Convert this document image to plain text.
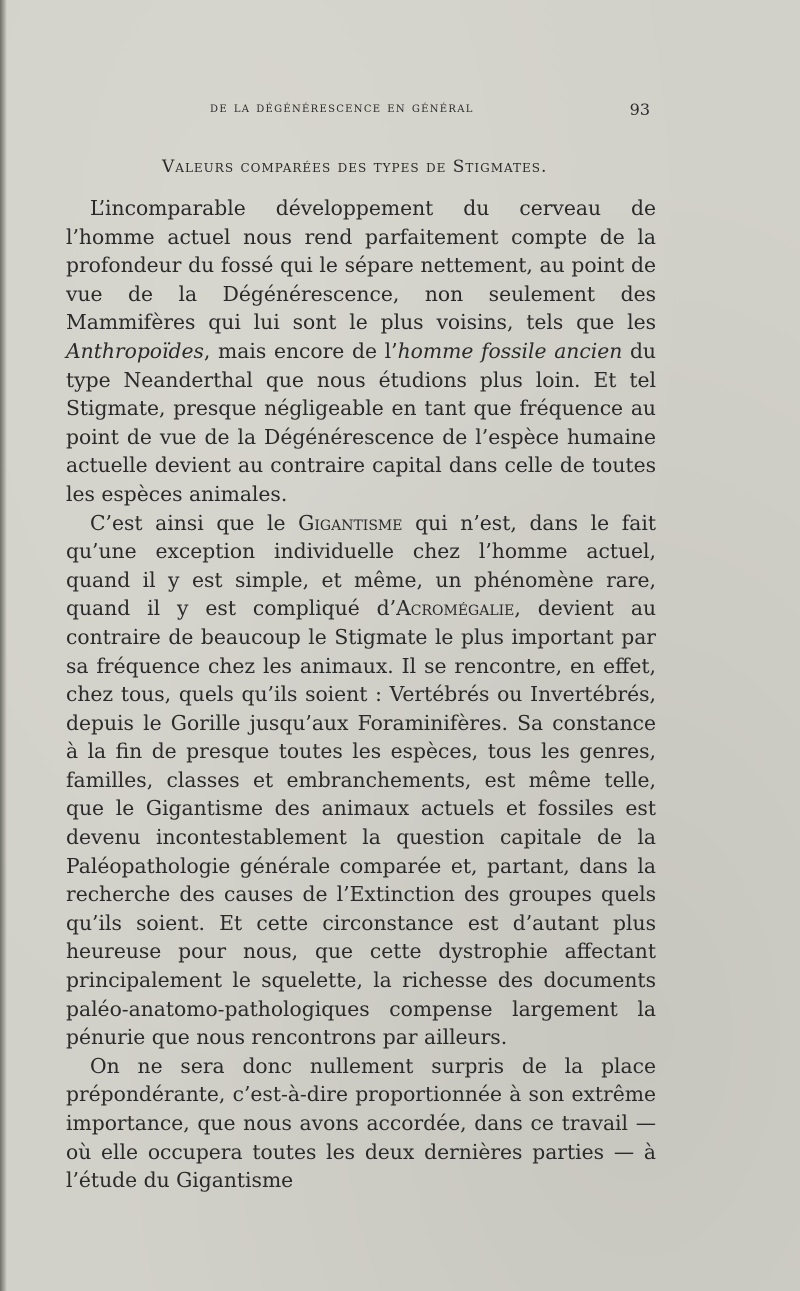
de la dégénérescence en général	93
Valeurs comparées des types de Stigmates.

L’incomparable développement du cerveau de l’homme actuel nous rend parfaitement compte de la profondeur du fossé qui le sépare nettement, au point de vue de la Dégénérescence, non seulement des Mammifères qui lui sont le plus voisins, tels que les Anthropoïdes, mais encore de l’homme fossile ancien du type Neanderthal que nous étudions plus loin. Et tel Stigmate, presque négligeable en tant que fréquence au point de vue de la Dégénérescence de l’espèce humaine actuelle devient au contraire capital dans celle de toutes les espèces animales.

C’est ainsi que le Gigantisme qui n’est, dans le fait qu’une exception individuelle chez l’homme actuel, quand il y est simple, et même, un phénomène rare, quand il y est compliqué d’Acromégalie, devient au contraire de beaucoup le Stigmate le plus important par sa fréquence chez les animaux. Il se rencontre, en effet, chez tous, quels qu’ils soient : Vertébrés ou Invertébrés, depuis le Gorille jusqu’aux Foraminifères. Sa constance à la fin de presque toutes les espèces, tous les genres, familles, classes et embranchements, est même telle, que le Gigantisme des animaux actuels et fossiles est devenu incontestablement la question capitale de la Paléopathologie générale comparée et, partant, dans la recherche des causes de l’Extinction des groupes quels qu’ils soient. Et cette circonstance est d’autant plus heureuse pour nous, que cette dystrophie affectant principalement le squelette, la richesse des documents paléo-anatomo-pathologiques compense largement la pénurie que nous rencontrons par ailleurs.

On ne sera donc nullement surpris de la place prépondérante, c’est-à-dire proportionnée à son extrême importance, que nous avons accordée, dans ce travail — où elle occupera toutes les deux dernières parties — à l’étude du Gigantisme
